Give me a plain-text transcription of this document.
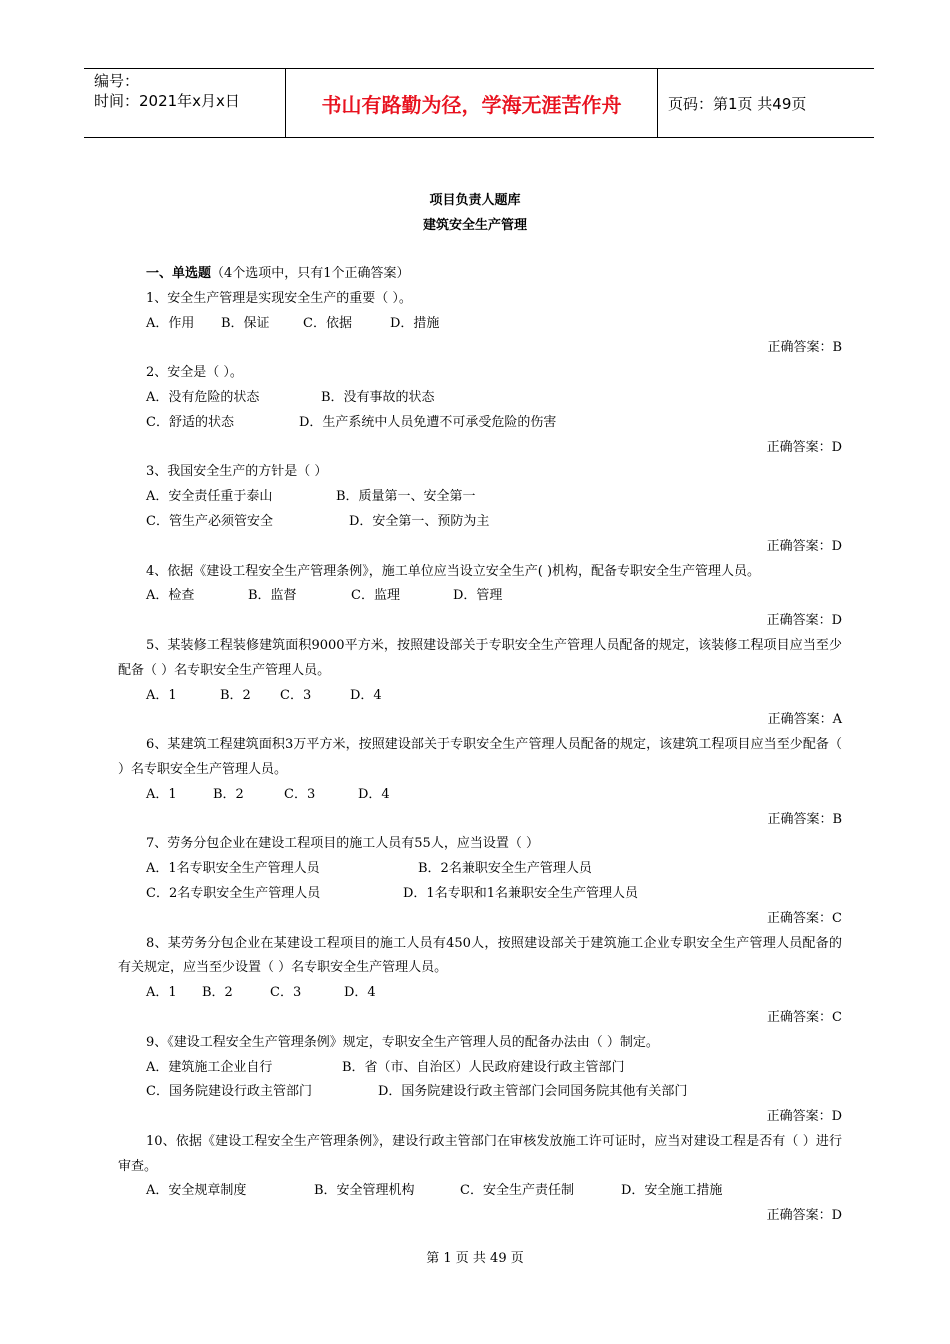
编号：
时间：2021年x月x日	书山有路勤为径，学海无涯苦作舟	页码：第1页 共49页
项目负责人题库
建筑安全生产管理
一、单选题（4个选项中，只有1个正确答案）
1、安全生产管理是实现安全生产的重要（ ）。
A．作用 B．保证	C．依据	D．措施
正确答案：B
2、安全是（ ）。
A．没有危险的状态	B．没有事故的状态
C．舒适的状态	D．生产系统中人员免遭不可承受危险的伤害
正确答案：D
3、我国安全生产的方针是（ ）
A．安全责任重于泰山	B．质量第一、安全第一
C．管生产必须管安全	D．安全第一、预防为主
正确答案：D
4、依据《建设工程安全生产管理条例》，施工单位应当设立安全生产( )机构，配备专职安全生产管理人员。
A．检查	B．监督	C．监理	D．管理
正确答案：D
5、某装修工程装修建筑面积9000平方米，按照建设部关于专职安全生产管理人员配备的规定，该装修工程项目应当至少配备（ ）名专职安全生产管理人员。
A．1	B．2 C．3	D．4
正确答案：A
6、某建筑工程建筑面积3万平方米，按照建设部关于专职安全生产管理人员配备的规定，该建筑工程项目应当至少配备（ ）名专职安全生产管理人员。
A．1	B．2	C．3	D．4
正确答案：B
7、劳务分包企业在建设工程项目的施工人员有55人，应当设置（ ）
A．1名专职安全生产管理人员	B．2名兼职安全生产管理人员
C．2名专职安全生产管理人员	D．1名专职和1名兼职安全生产管理人员
正确答案：C
8、某劳务分包企业在某建设工程项目的施工人员有450人，按照建设部关于建筑施工企业专职安全生产管理人员配备的有关规定，应当至少设置（ ）名专职安全生产管理人员。
A．1 B．2	C．3	D．4
正确答案：C
9、《建设工程安全生产管理条例》规定，专职安全生产管理人员的配备办法由（ ）制定。
A．建筑施工企业自行	B．省（市、自治区）人民政府建设行政主管部门
C．国务院建设行政主管部门	D．国务院建设行政主管部门会同国务院其他有关部门
正确答案：D
10、依据《建设工程安全生产管理条例》，建设行政主管部门在审核发放施工许可证时，应当对建设工程是否有（ ）进行审查。
A．安全规章制度	B．安全管理机构	C．安全生产责任制	D．安全施工措施
正确答案：D
第 1 页 共 49 页
